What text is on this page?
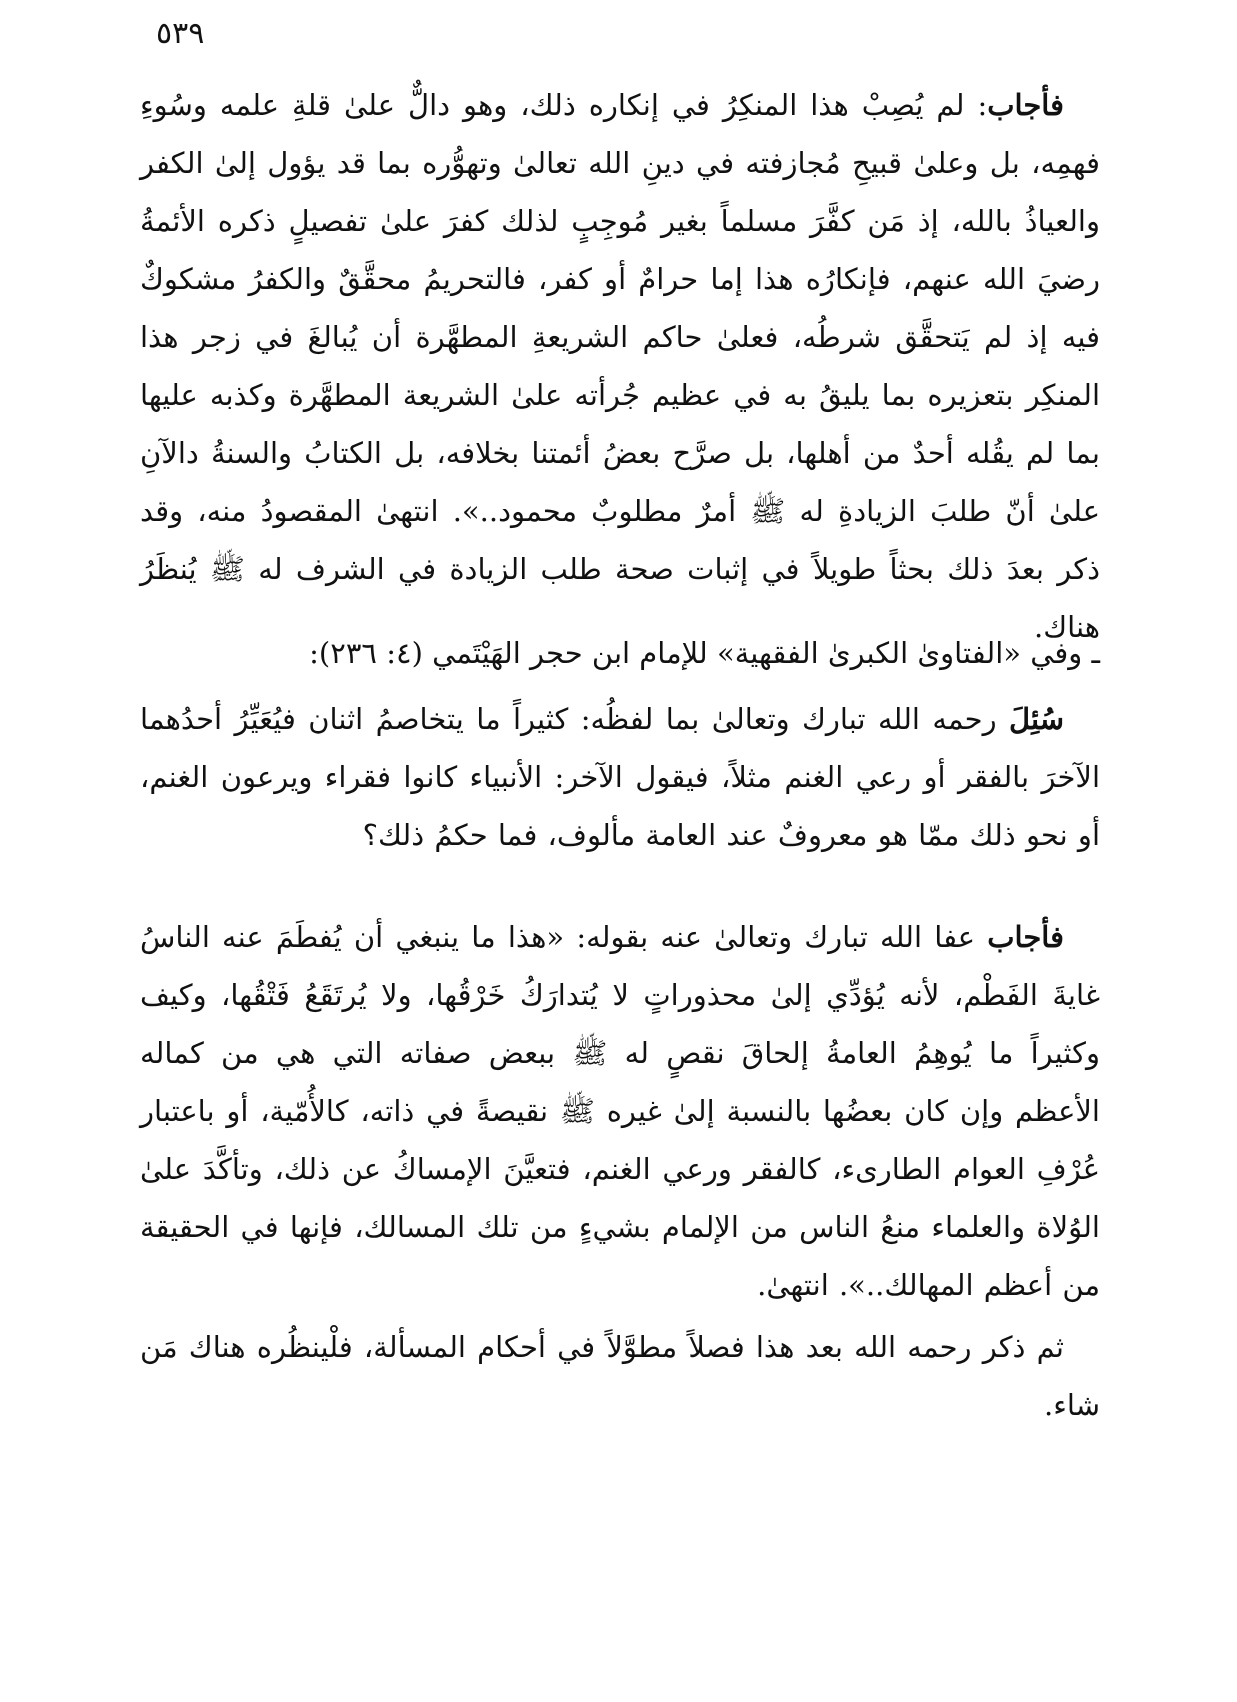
٥٣٩

فأجاب: لم يُصِبْ هذا المنكِرُ في إنكاره ذلك، وهو دالٌّ علىٰ قلةِ علمه وسُوءِ فهمِه، بل وعلىٰ قبيحِ مُجازفته في دينِ الله تعالىٰ وتهوُّره بما قد يؤول إلىٰ الكفر والعياذُ بالله، إذ مَن كفَّرَ مسلماً بغير مُوجِبٍ لذلك كفرَ علىٰ تفصيلٍ ذكره الأئمةُ رضيَ الله عنهم، فإنكارُه هذا إما حرامٌ أو كفر، فالتحريمُ محقَّقٌ والكفرُ مشكوكٌ فيه إذ لم يَتحقَّق شرطُه، فعلىٰ حاكم الشريعةِ المطهَّرة أن يُبالغَ في زجر هذا المنكِر بتعزيره بما يليقُ به في عظيم جُرأته علىٰ الشريعة المطهَّرة وكذبه عليها بما لم يقُله أحدٌ من أهلها، بل صرَّح بعضُ أئمتنا بخلافه، بل الكتابُ والسنةُ دالآنِ علىٰ أنّ طلبَ الزيادةِ له ﷺ أمرٌ مطلوبٌ محمود..». انتهىٰ المقصودُ منه، وقد ذكر بعدَ ذلك بحثاً طويلاً في إثبات صحة طلب الزيادة في الشرف له ﷺ يُنظَرُ هناك.

ـ وفي «الفتاوىٰ الكبرىٰ الفقهية» للإمام ابن حجر الهَيْتَمي (٤: ٢٣٦):

سُئِلَ رحمه الله تبارك وتعالىٰ بما لفظُه: كثيراً ما يتخاصمُ اثنان فيُعَيِّرُ أحدُهما الآخرَ بالفقر أو رعي الغنم مثلاً، فيقول الآخر: الأنبياء كانوا فقراء ويرعون الغنم، أو نحو ذلك ممّا هو معروفٌ عند العامة مألوف، فما حكمُ ذلك؟

فأجاب عفا الله تبارك وتعالىٰ عنه بقوله: «هذا ما ينبغي أن يُفطَمَ عنه الناسُ غايةَ الفَطْم، لأنه يُؤدِّي إلىٰ محذوراتٍ لا يُتدارَكُ خَرْقُها، ولا يُرتَقَعُ فَتْقُها، وكيف وكثيراً ما يُوهِمُ العامةُ إلحاقَ نقصٍ له ﷺ ببعض صفاته التي هي من كماله الأعظم وإن كان بعضُها بالنسبة إلىٰ غيره ﷺ نقيصةً في ذاته، كالأُمّية، أو باعتبار عُرْفِ العوام الطارىء، كالفقر ورعي الغنم، فتعيَّنَ الإمساكُ عن ذلك، وتأكَّدَ علىٰ الوُلاة والعلماء منعُ الناس من الإلمام بشيءٍ من تلك المسالك، فإنها في الحقيقة من أعظم المهالك..». انتهىٰ.

ثم ذكر رحمه الله بعد هذا فصلاً مطوَّلاً في أحكام المسألة، فلْينظُره هناك مَن شاء.
